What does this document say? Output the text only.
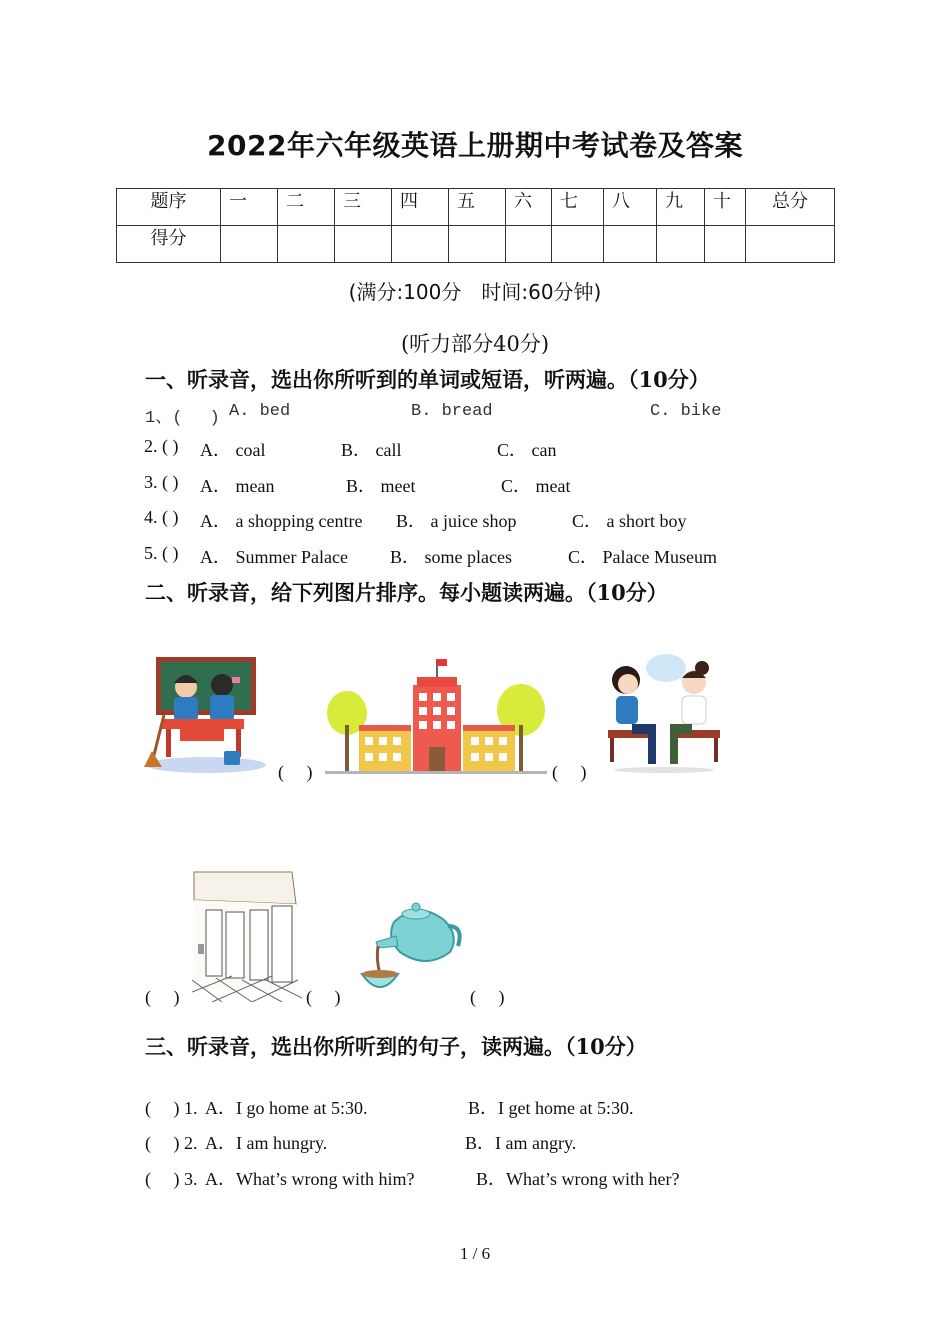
2022年六年级英语上册期中考试卷及答案
题序	一	二	三	四	五	六	七	八	九	十	总分
得分											
(满分:100分　时间:60分钟)
(听力部分40分)
一、听录音，选出你所听到的单词或短语，听两遍。（10分）
1、(　 ) A. bed	B. bread	C. bike
2. ( ) A． coal	B． call	C． can
3. ( ) A． mean	B． meet	C． meat
4. ( ) A． a shopping centre B． a juice shop	C． a short boy
5. ( ) A． Summer Palace B． some places	C． Palace Museum
二、听录音，给下列图片排序。每小题读两遍。（10分）
(　 )	(　 )
(　 )	(　 )	(　 )
三、听录音，选出你所听到的句子，读两遍。（10分）
(　 ) 1. A．I go home at 5:30.	B．I get home at 5:30.
(　 ) 2. A．I am hungry.	B．I am angry.
(　 ) 3. A．What’s wrong with him?	B．What’s wrong with her?
1 / 6
